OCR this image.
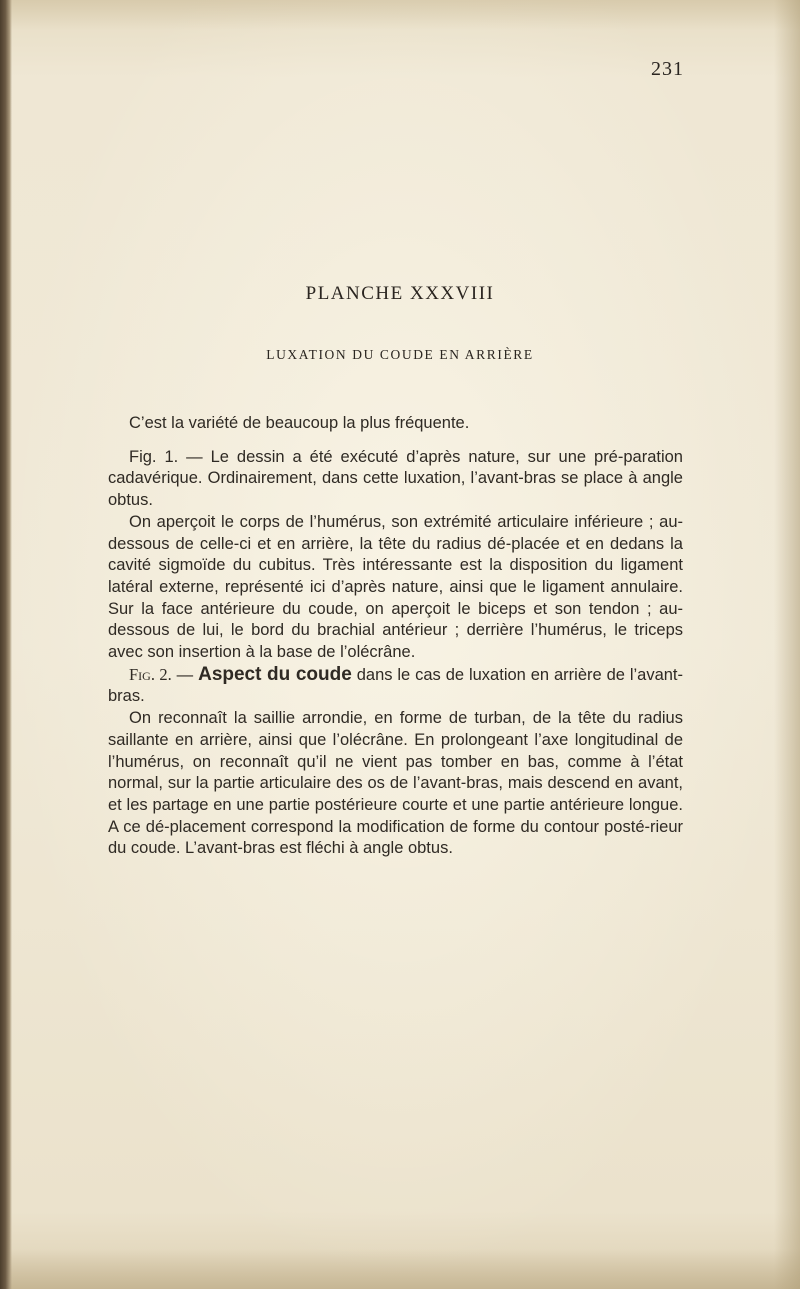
231
PLANCHE XXXVIII
LUXATION DU COUDE EN ARRIÈRE

C’est la variété de beaucoup la plus fréquente.

Fig. 1. — Le dessin a été exécuté d’après nature, sur une pré-paration cadavérique. Ordinairement, dans cette luxation, l’avant-bras se place à angle obtus.

On aperçoit le corps de l’humérus, son extrémité articulaire inférieure ; au-dessous de celle-ci et en arrière, la tête du radius dé-placée et en dedans la cavité sigmoïde du cubitus. Très intéressante est la disposition du ligament latéral externe, représenté ici d’après nature, ainsi que le ligament annulaire. Sur la face antérieure du coude, on aperçoit le biceps et son tendon ; au-dessous de lui, le bord du brachial antérieur ; derrière l’humérus, le triceps avec son insertion à la base de l’olécrâne.

Fig. 2. — Aspect du coude dans le cas de luxation en arrière de l’avant-bras.

On reconnaît la saillie arrondie, en forme de turban, de la tête du radius saillante en arrière, ainsi que l’olécrâne. En prolongeant l’axe longitudinal de l’humérus, on reconnaît qu’il ne vient pas tomber en bas, comme à l’état normal, sur la partie articulaire des os de l’avant-bras, mais descend en avant, et les partage en une partie postérieure courte et une partie antérieure longue. A ce dé-placement correspond la modification de forme du contour posté-rieur du coude. L’avant-bras est fléchi à angle obtus.
